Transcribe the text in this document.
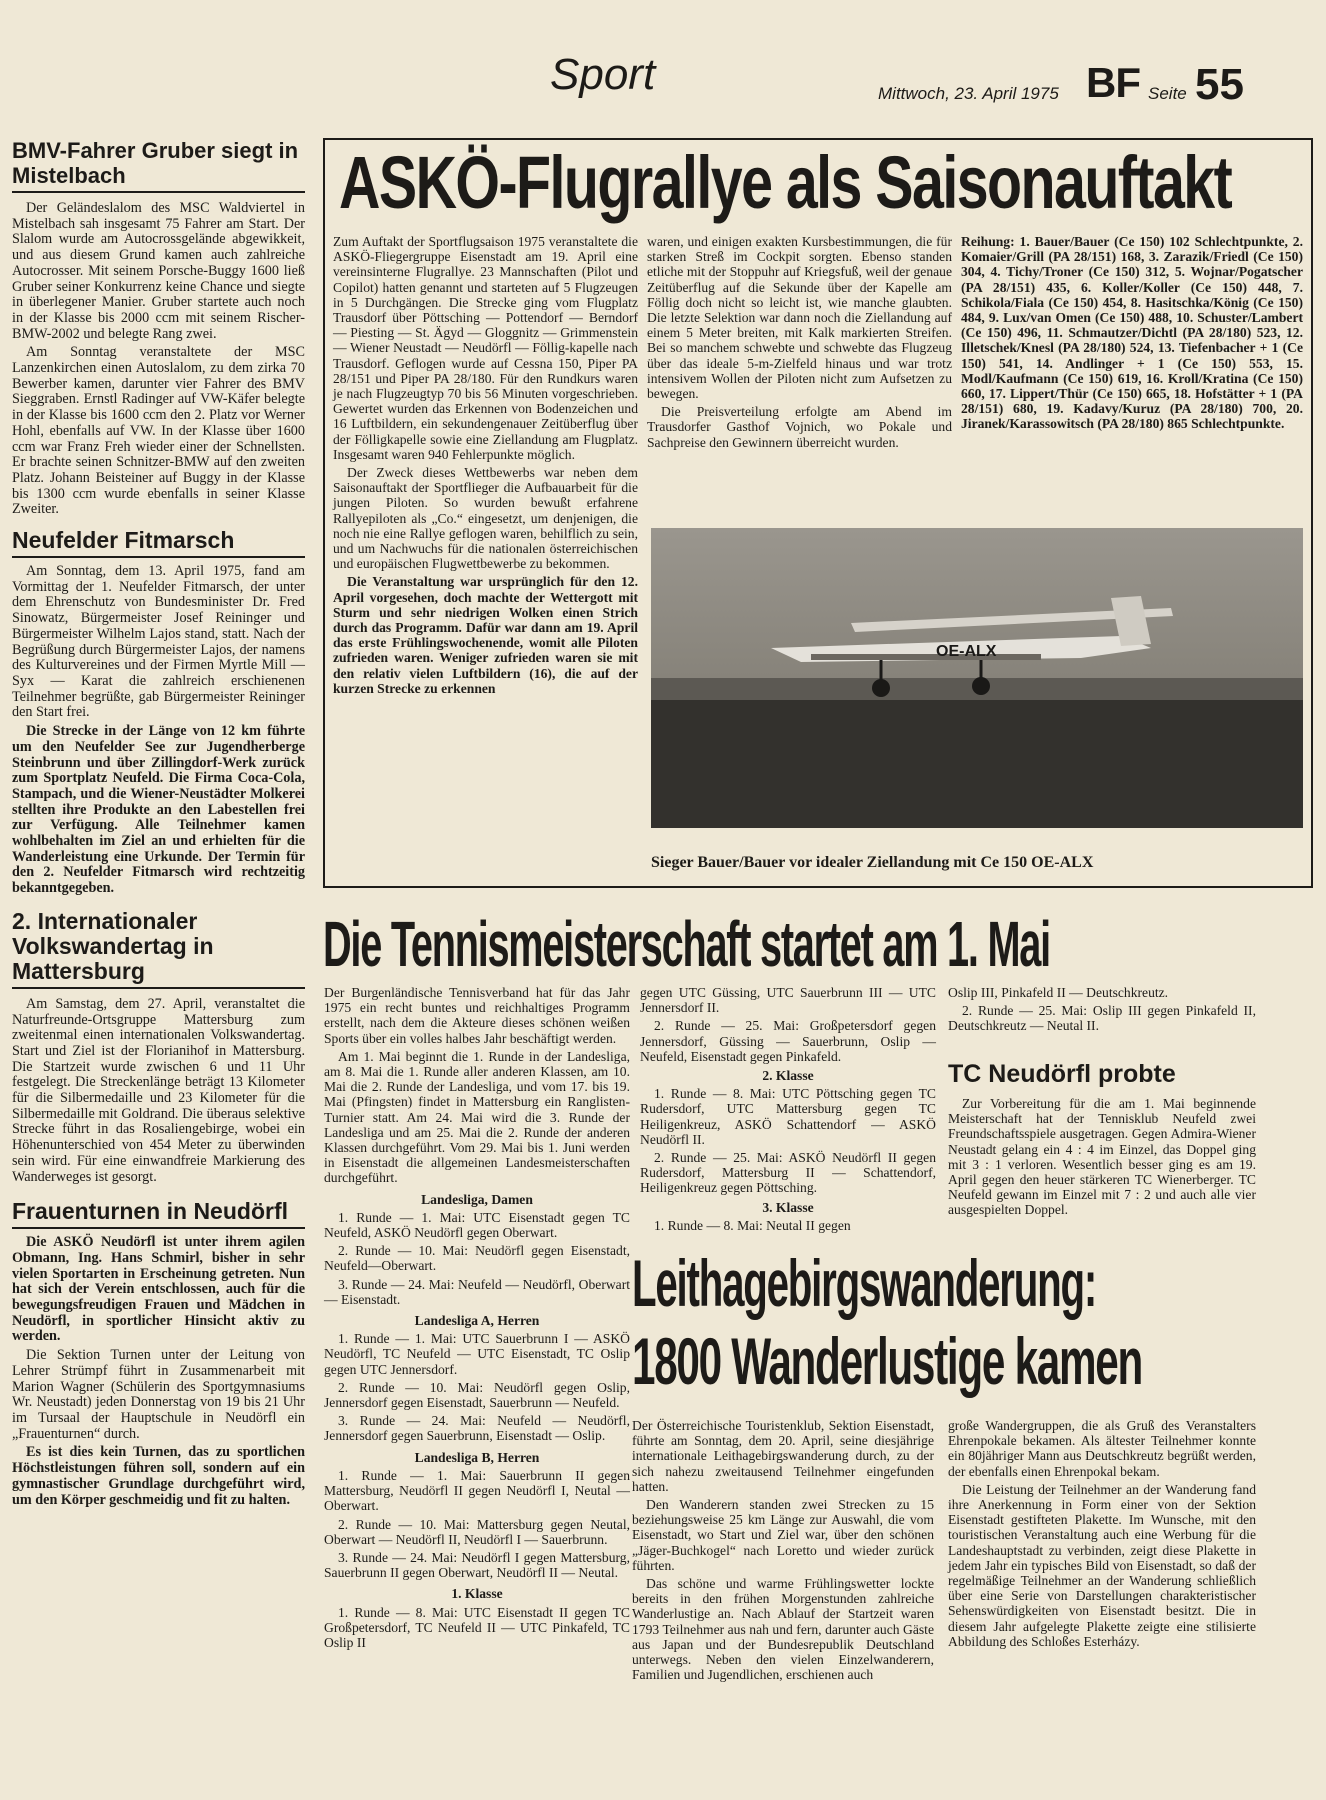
Sport	Mittwoch, 23. April 1975 BF Seite 55
BMV-Fahrer Gruber siegt in Mistelbach

Der Geländeslalom des MSC Waldviertel in Mistelbach sah insgesamt 75 Fahrer am Start. Der Slalom wurde am Autocrossgelände abgewikkeit, und aus diesem Grund kamen auch zahlreiche Autocrosser. Mit seinem Porsche-Buggy 1600 ließ Gruber seiner Konkurrenz keine Chance und siegte in überlegener Manier. Gruber startete auch noch in der Klasse bis 2000 ccm mit seinem Rischer-BMW-2002 und belegte Rang zwei.

Am Sonntag veranstaltete der MSC Lanzenkirchen einen Autoslalom, zu dem zirka 70 Bewerber kamen, darunter vier Fahrer des BMV Sieggraben. Ernstl Radinger auf VW-Käfer belegte in der Klasse bis 1600 ccm den 2. Platz vor Werner Hohl, ebenfalls auf VW. In der Klasse über 1600 ccm war Franz Freh wieder einer der Schnellsten. Er brachte seinen Schnitzer-BMW auf den zweiten Platz. Johann Beisteiner auf Buggy in der Klasse bis 1300 ccm wurde ebenfalls in seiner Klasse Zweiter.

Neufelder Fitmarsch

Am Sonntag, dem 13. April 1975, fand am Vormittag der 1. Neufelder Fitmarsch, der unter dem Ehrenschutz von Bundesminister Dr. Fred Sinowatz, Bürgermeister Josef Reininger und Bürgermeister Wilhelm Lajos stand, statt. Nach der Begrüßung durch Bürgermeister Lajos, der namens des Kulturvereines und der Firmen Myrtle Mill — Syx — Karat die zahlreich erschienenen Teilnehmer begrüßte, gab Bürgermeister Reininger den Start frei.

Die Strecke in der Länge von 12 km führte um den Neufelder See zur Jugendherberge Steinbrunn und über Zillingdorf-Werk zurück zum Sportplatz Neufeld. Die Firma Coca-Cola, Stampach, und die Wiener-Neustädter Molkerei stellten ihre Produkte an den Labestellen frei zur Verfügung. Alle Teilnehmer kamen wohlbehalten im Ziel an und erhielten für die Wanderleistung eine Urkunde. Der Termin für den 2. Neufelder Fitmarsch wird rechtzeitig bekanntgegeben.

2. Internationaler Volkswandertag in Mattersburg

Am Samstag, dem 27. April, veranstaltet die Naturfreunde-Ortsgruppe Mattersburg zum zweitenmal einen internationalen Volkswandertag. Start und Ziel ist der Florianihof in Mattersburg. Die Startzeit wurde zwischen 6 und 11 Uhr festgelegt. Die Streckenlänge beträgt 13 Kilometer für die Silbermedaille und 23 Kilometer für die Silbermedaille mit Goldrand. Die überaus selektive Strecke führt in das Rosaliengebirge, wobei ein Höhenunterschied von 454 Meter zu überwinden sein wird. Für eine einwandfreie Markierung des Wanderweges ist gesorgt.

Frauenturnen in Neudörfl

Die ASKÖ Neudörfl ist unter ihrem agilen Obmann, Ing. Hans Schmirl, bisher in sehr vielen Sportarten in Erscheinung getreten. Nun hat sich der Verein entschlossen, auch für die bewegungsfreudigen Frauen und Mädchen in Neudörfl, in sportlicher Hinsicht aktiv zu werden.

Die Sektion Turnen unter der Leitung von Lehrer Strümpf führt in Zusammenarbeit mit Marion Wagner (Schülerin des Sportgymnasiums Wr. Neustadt) jeden Donnerstag von 19 bis 21 Uhr im Tursaal der Hauptschule in Neudörfl ein „Frauenturnen“ durch.

Es ist dies kein Turnen, das zu sportlichen Höchstleistungen führen soll, sondern auf ein gymnastischer Grundlage durchgeführt wird, um den Körper geschmeidig und fit zu halten.

ASKÖ-Flugrallye als Saisonauftakt

Zum Auftakt der Sportflugsaison 1975 veranstaltete die ASKÖ-Fliegergruppe Eisenstadt am 19. April eine vereinsinterne Flugrallye. 23 Mannschaften (Pilot und Copilot) hatten genannt und starteten auf 5 Flugzeugen in 5 Durchgängen. Die Strecke ging vom Flugplatz Trausdorf über Pöttsching — Pottendorf — Berndorf — Piesting — St. Ägyd — Gloggnitz — Grimmenstein — Wiener Neustadt — Neudörfl — Föllig-kapelle nach Trausdorf. Geflogen wurde auf Cessna 150, Piper PA 28/151 und Piper PA 28/180. Für den Rundkurs waren je nach Flugzeugtyp 70 bis 56 Minuten vorgeschrieben. Gewertet wurden das Erkennen von Bodenzeichen und 16 Luftbildern, ein sekundengenauer Zeitüberflug über der Fölligkapelle sowie eine Ziellandung am Flugplatz. Insgesamt waren 940 Fehlerpunkte möglich.

Der Zweck dieses Wettbewerbs war neben dem Saisonauftakt der Sportflieger die Aufbauarbeit für die jungen Piloten. So wurden bewußt erfahrene Rallyepiloten als „Co.“ eingesetzt, um denjenigen, die noch nie eine Rallye geflogen waren, behilflich zu sein, und um Nachwuchs für die nationalen österreichischen und europäischen Flugwettbewerbe zu bekommen.

Die Veranstaltung war ursprünglich für den 12. April vorgesehen, doch machte der Wettergott mit Sturm und sehr niedrigen Wolken einen Strich durch das Programm. Dafür war dann am 19. April das erste Frühlingswochenende, womit alle Piloten zufrieden waren. Weniger zufrieden waren sie mit den relativ vielen Luftbildern (16), die auf der kurzen Strecke zu erkennen

waren, und einigen exakten Kursbestimmungen, die für starken Streß im Cockpit sorgten. Ebenso standen etliche mit der Stoppuhr auf Kriegsfuß, weil der genaue Zeitüberflug auf die Sekunde über der Kapelle am Föllig doch nicht so leicht ist, wie manche glaubten. Die letzte Selektion war dann noch die Ziellandung auf einem 5 Meter breiten, mit Kalk markierten Streifen. Bei so manchem schwebte und schwebte das Flugzeug über das ideale 5-m-Zielfeld hinaus und war trotz intensivem Wollen der Piloten nicht zum Aufsetzen zu bewegen.

Die Preisverteilung erfolgte am Abend im Trausdorfer Gasthof Vojnich, wo Pokale und Sachpreise den Gewinnern überreicht wurden.

Reihung: 1. Bauer/Bauer (Ce 150) 102 Schlechtpunkte, 2. Komaier/Grill (PA 28/151) 168, 3. Zarazik/Friedl (Ce 150) 304, 4. Tichy/Troner (Ce 150) 312, 5. Wojnar/Pogatscher (PA 28/151) 435, 6. Koller/Koller (Ce 150) 448, 7. Schikola/Fiala (Ce 150) 454, 8. Hasitschka/König (Ce 150) 484, 9. Lux/van Omen (Ce 150) 488, 10. Schuster/Lambert (Ce 150) 496, 11. Schmautzer/Dichtl (PA 28/180) 523, 12. Illetschek/Knesl (PA 28/180) 524, 13. Tiefenbacher + 1 (Ce 150) 541, 14. Andlinger + 1 (Ce 150) 553, 15. Modl/Kaufmann (Ce 150) 619, 16. Kroll/Kratina (Ce 150) 660, 17. Lippert/Thür (Ce 150) 665, 18. Hofstätter + 1 (PA 28/151) 680, 19. Kadavy/Kuruz (PA 28/180) 700, 20. Jiranek/Karassowitsch (PA 28/180) 865 Schlechtpunkte.

OE-ALX
Sieger Bauer/Bauer vor idealer Ziellandung mit Ce 150 OE-ALX
Die Tennismeisterschaft startet am 1. Mai

Der Burgenländische Tennisverband hat für das Jahr 1975 ein recht buntes und reichhaltiges Programm erstellt, nach dem die Akteure dieses schönen weißen Sports über ein volles halbes Jahr beschäftigt werden.

Am 1. Mai beginnt die 1. Runde in der Landesliga, am 8. Mai die 1. Runde aller anderen Klassen, am 10. Mai die 2. Runde der Landesliga, und vom 17. bis 19. Mai (Pfingsten) findet in Mattersburg ein Ranglisten-Turnier statt. Am 24. Mai wird die 3. Runde der Landesliga und am 25. Mai die 2. Runde der anderen Klassen durchgeführt. Vom 29. Mai bis 1. Juni werden in Eisenstadt die allgemeinen Landesmeisterschaften durchgeführt.

Landesliga, Damen

1. Runde — 1. Mai: UTC Eisenstadt gegen TC Neufeld, ASKÖ Neudörfl gegen Oberwart.

2. Runde — 10. Mai: Neudörfl gegen Eisenstadt, Neufeld—Oberwart.

3. Runde — 24. Mai: Neufeld — Neudörfl, Oberwart — Eisenstadt.

Landesliga A, Herren

1. Runde — 1. Mai: UTC Sauerbrunn I — ASKÖ Neudörfl, TC Neufeld — UTC Eisenstadt, TC Oslip gegen UTC Jennersdorf.

2. Runde — 10. Mai: Neudörfl gegen Oslip, Jennersdorf gegen Eisenstadt, Sauerbrunn — Neufeld.

3. Runde — 24. Mai: Neufeld — Neudörfl, Jennersdorf gegen Sauerbrunn, Eisenstadt — Oslip.

Landesliga B, Herren

1. Runde — 1. Mai: Sauerbrunn II gegen Mattersburg, Neudörfl II gegen Neudörfl I, Neutal — Oberwart.

2. Runde — 10. Mai: Mattersburg gegen Neutal, Oberwart — Neudörfl II, Neudörfl I — Sauerbrunn.

3. Runde — 24. Mai: Neudörfl I gegen Mattersburg, Sauerbrunn II gegen Oberwart, Neudörfl II — Neutal.

1. Klasse

1. Runde — 8. Mai: UTC Eisenstadt II gegen TC Großpetersdorf, TC Neufeld II — UTC Pinkafeld, TC Oslip II

gegen UTC Güssing, UTC Sauerbrunn III — UTC Jennersdorf II.

2. Runde — 25. Mai: Großpetersdorf gegen Jennersdorf, Güssing — Sauerbrunn, Oslip — Neufeld, Eisenstadt gegen Pinkafeld.

2. Klasse

1. Runde — 8. Mai: UTC Pöttsching gegen TC Rudersdorf, UTC Mattersburg gegen TC Heiligenkreuz, ASKÖ Schattendorf — ASKÖ Neudörfl II.

2. Runde — 25. Mai: ASKÖ Neudörfl II gegen Rudersdorf, Mattersburg II — Schattendorf, Heiligenkreuz gegen Pöttsching.

3. Klasse

1. Runde — 8. Mai: Neutal II gegen

Oslip III, Pinkafeld II — Deutschkreutz.

2. Runde — 25. Mai: Oslip III gegen Pinkafeld II, Deutschkreutz — Neutal II.

TC Neudörfl probte

Zur Vorbereitung für die am 1. Mai beginnende Meisterschaft hat der Tennisklub Neufeld zwei Freundschaftsspiele ausgetragen. Gegen Admira-Wiener Neustadt gelang ein 4 : 4 im Einzel, das Doppel ging mit 3 : 1 verloren. Wesentlich besser ging es am 19. April gegen den heuer stärkeren TC Wienerberger. TC Neufeld gewann im Einzel mit 7 : 2 und auch alle vier ausgespielten Doppel.

Leithagebirgswanderung:
1800 Wanderlustige kamen

Der Österreichische Touristenklub, Sektion Eisenstadt, führte am Sonntag, dem 20. April, seine diesjährige internationale Leithagebirgswanderung durch, zu der sich nahezu zweitausend Teilnehmer eingefunden hatten.

Den Wanderern standen zwei Strecken zu 15 beziehungsweise 25 km Länge zur Auswahl, die vom Eisenstadt, wo Start und Ziel war, über den schönen „Jäger-Buchkogel“ nach Loretto und wieder zurück führten.

Das schöne und warme Frühlingswetter lockte bereits in den frühen Morgenstunden zahlreiche Wanderlustige an. Nach Ablauf der Startzeit waren 1793 Teilnehmer aus nah und fern, darunter auch Gäste aus Japan und der Bundesrepublik Deutschland unterwegs. Neben den vielen Einzelwanderern, Familien und Jugendlichen, erschienen auch

große Wandergruppen, die als Gruß des Veranstalters Ehrenpokale bekamen. Als ältester Teilnehmer konnte ein 80jähriger Mann aus Deutschkreutz begrüßt werden, der ebenfalls einen Ehrenpokal bekam.

Die Leistung der Teilnehmer an der Wanderung fand ihre Anerkennung in Form einer von der Sektion Eisenstadt gestifteten Plakette. Im Wunsche, mit den touristischen Veranstaltung auch eine Werbung für die Landeshauptstadt zu verbinden, zeigt diese Plakette in jedem Jahr ein typisches Bild von Eisenstadt, so daß der regelmäßige Teilnehmer an der Wanderung schließlich über eine Serie von Darstellungen charakteristischer Sehenswürdigkeiten von Eisenstadt besitzt. Die in diesem Jahr aufgelegte Plakette zeigte eine stilisierte Abbildung des Schloßes Esterházy.
